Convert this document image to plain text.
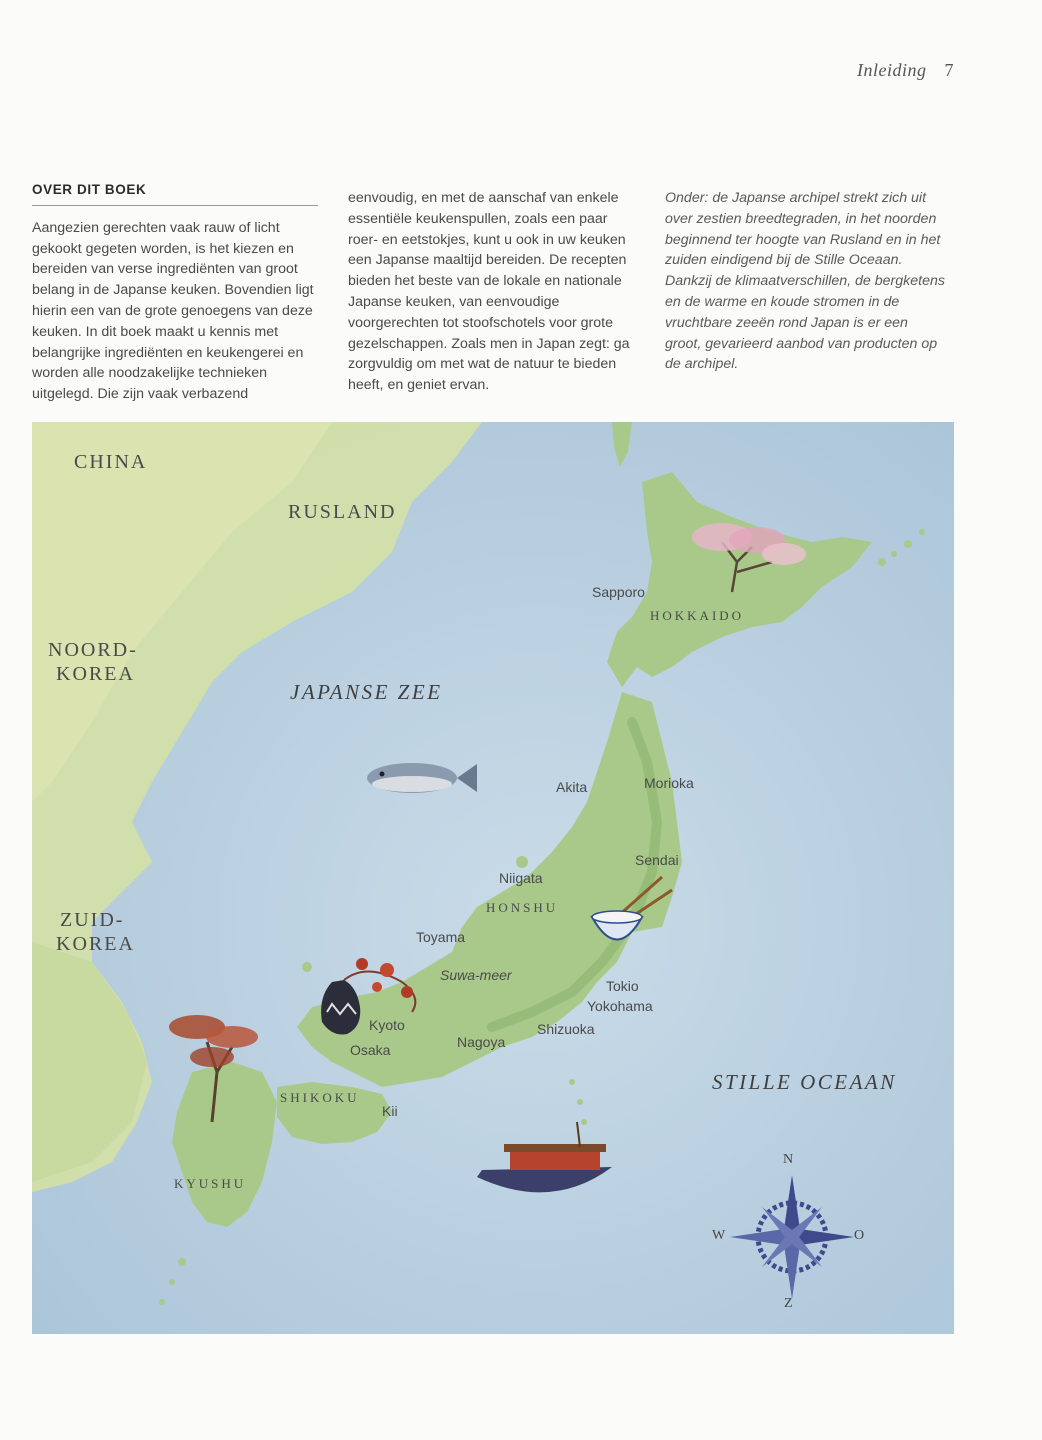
Inleiding 7
OVER DIT BOEK

Aangezien gerechten vaak rauw of licht gekookt gegeten worden, is het kiezen en bereiden van verse ingrediënten van groot belang in de Japanse keuken. Bovendien ligt hierin een van de grote genoegens van deze keuken. In dit boek maakt u kennis met belangrijke ingrediënten en keukengerei en worden alle noodzakelijke technieken uitgelegd. Die zijn vaak verbazend

eenvoudig, en met de aanschaf van enkele essentiële keukenspullen, zoals een paar roer- en eetstokjes, kunt u ook in uw keuken een Japanse maaltijd bereiden. De recepten bieden het beste van de lokale en nationale Japanse keuken, van eenvoudige voorgerechten tot stoofschotels voor grote gezelschappen. Zoals men in Japan zegt: ga zorgvuldig om met wat de natuur te bieden heeft, en geniet ervan.

Onder: de Japanse archipel strekt zich uit over zestien breedtegraden, in het noorden beginnend ter hoogte van Rusland en in het zuiden eindigend bij de Stille Oceaan. Dankzij de klimaatverschillen, de bergketens en de warme en koude stromen in de vruchtbare zeeën rond Japan is er een groot, gevarieerd aanbod van producten op de archipel.

CHINA
RUSLAND
NOORD-
KOREA
ZUID-
KOREA
JAPANSE ZEE
STILLE OCEAAN
HOKKAIDO
HONSHU
SHIKOKU
KYUSHU
Sapporo
Akita	Morioka
Sendai
Niigata
Toyama
Suwa-meer
Tokio
Yokohama
Kyoto
Osaka	Nagoya
Shizuoka
Kii
N
Z
W	O
